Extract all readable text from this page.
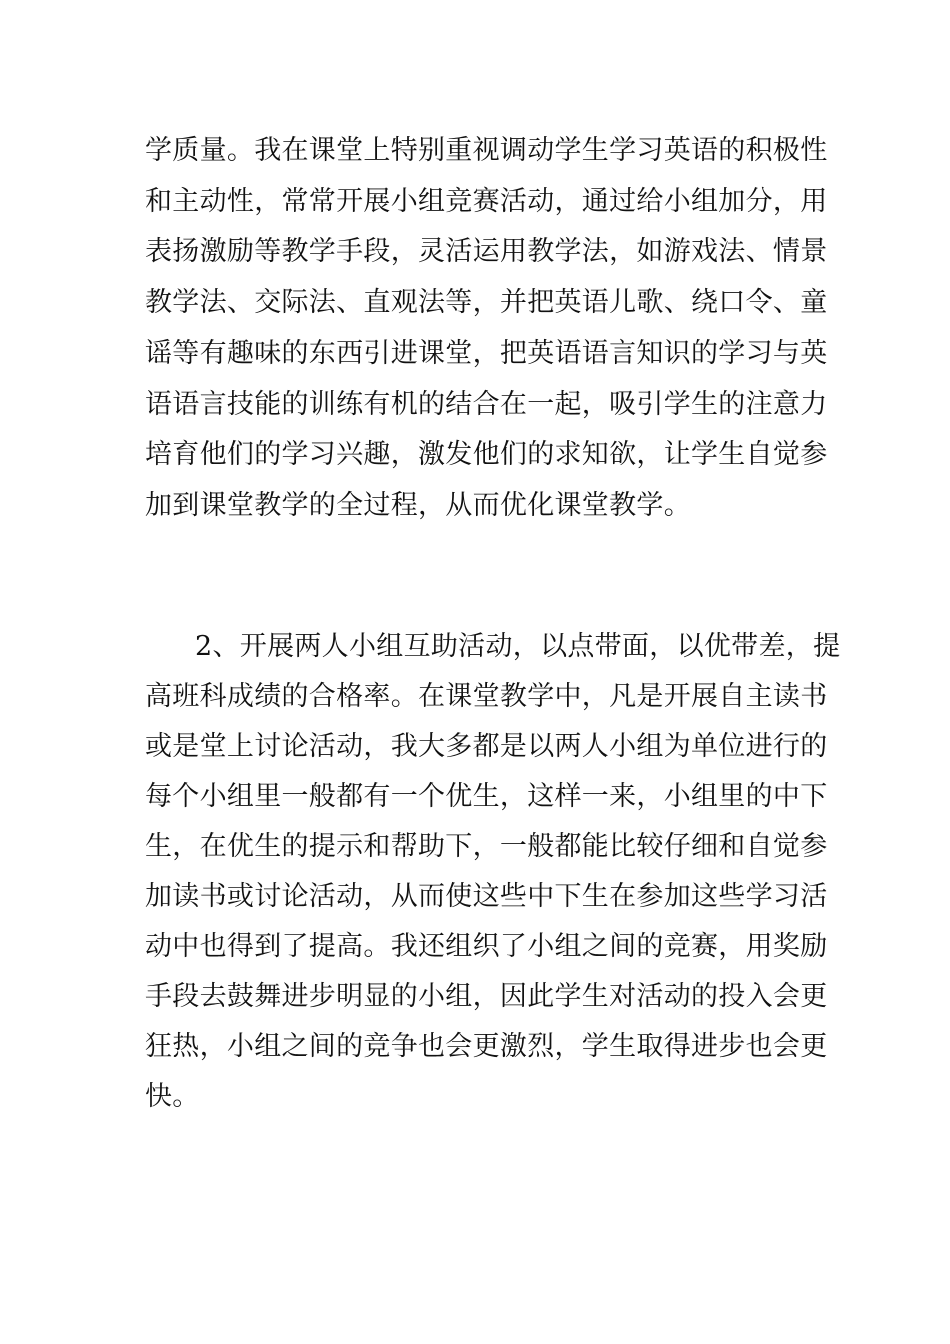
学质量。我在课堂上特别重视调动学生学习英语的积极性
和主动性，常常开展小组竞赛活动，通过给小组加分，用
表扬激励等教学手段，灵活运用教学法，如游戏法、情景
教学法、交际法、直观法等，并把英语儿歌、绕口令、童
谣等有趣味的东西引进课堂，把英语语言知识的学习与英
语语言技能的训练有机的结合在一起，吸引学生的注意力
培育他们的学习兴趣，激发他们的求知欲，让学生自觉参
加到课堂教学的全过程，从而优化课堂教学。
2、开展两人小组互助活动，以点带面，以优带差，提
高班科成绩的合格率。在课堂教学中，凡是开展自主读书
或是堂上讨论活动，我大多都是以两人小组为单位进行的
每个小组里一般都有一个优生，这样一来，小组里的中下
生，在优生的提示和帮助下，一般都能比较仔细和自觉参
加读书或讨论活动，从而使这些中下生在参加这些学习活
动中也得到了提高。我还组织了小组之间的竞赛，用奖励
手段去鼓舞进步明显的小组，因此学生对活动的投入会更
狂热，小组之间的竞争也会更激烈，学生取得进步也会更
快。
